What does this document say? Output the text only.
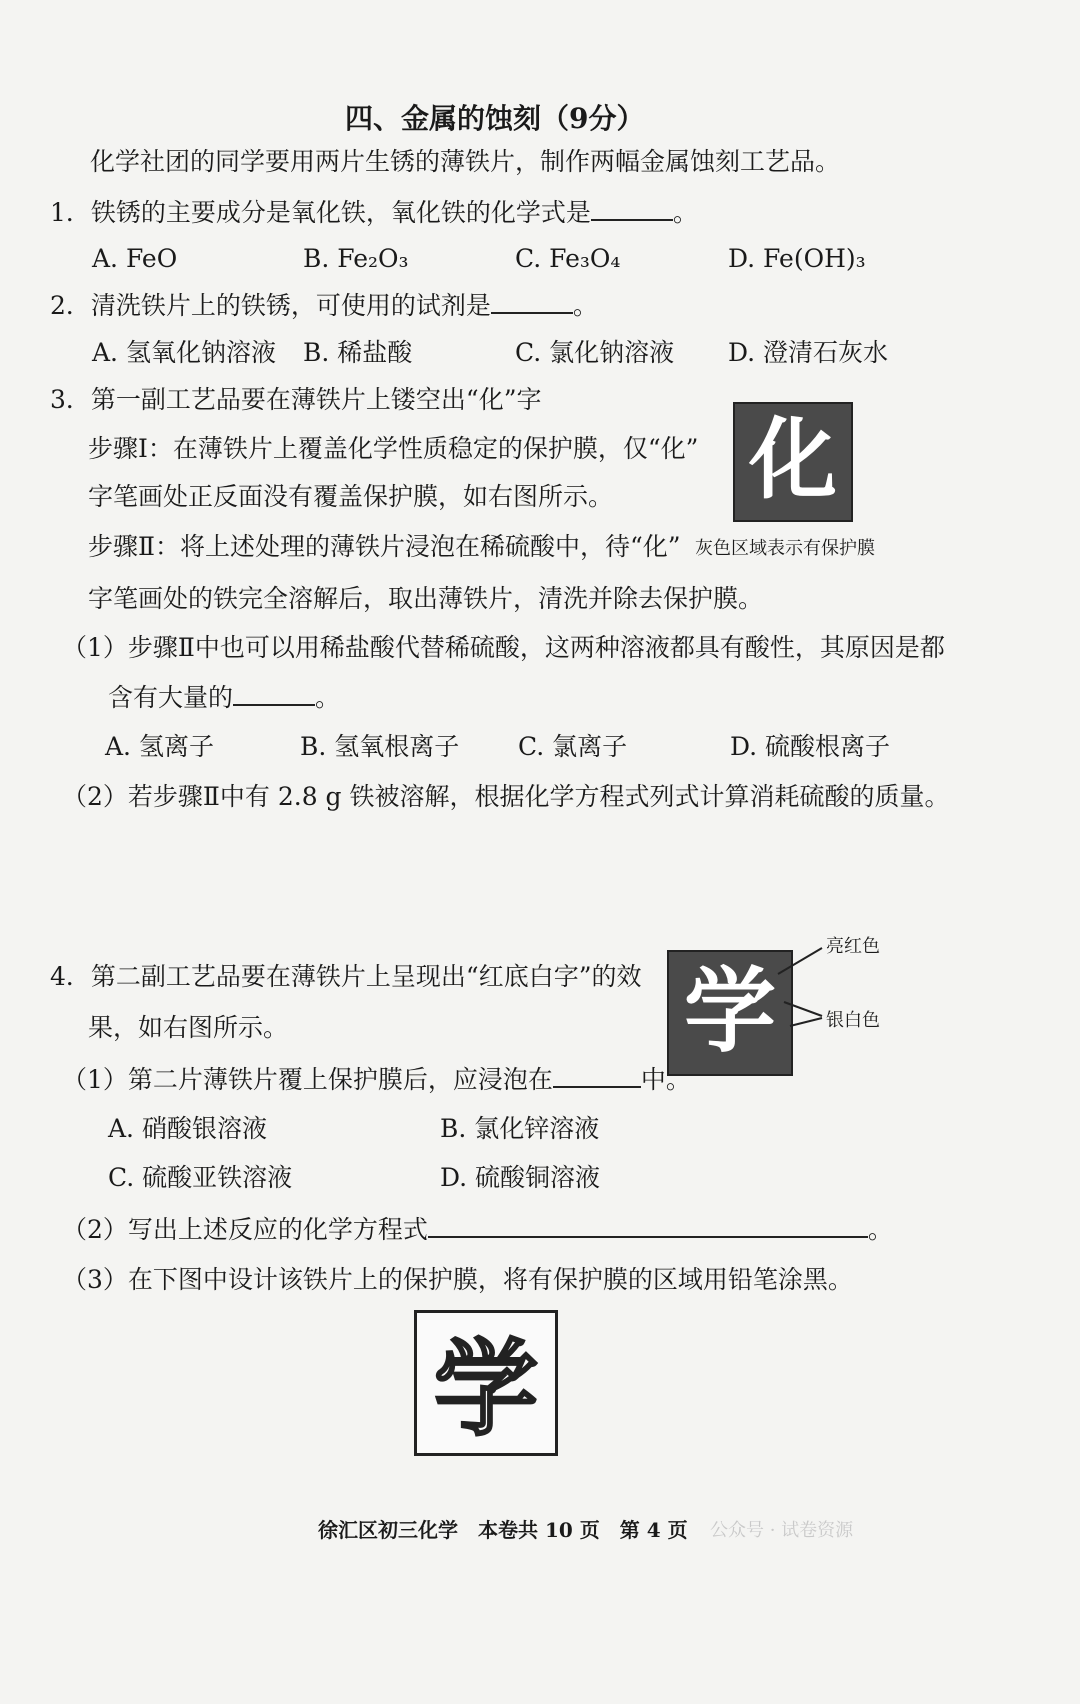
四、金属的蚀刻（9分）
化学社团的同学要用两片生锈的薄铁片，制作两幅金属蚀刻工艺品。
1．铁锈的主要成分是氧化铁，氧化铁的化学式是	。
A. FeO	B. Fe₂O₃	C. Fe₃O₄	D. Fe(OH)₃
2．清洗铁片上的铁锈，可使用的试剂是	。
A. 氢氧化钠溶液 B. 稀盐酸	C. 氯化钠溶液 D. 澄清石灰水
3．第一副工艺品要在薄铁片上镂空出“化”字
步骤Ⅰ：在薄铁片上覆盖化学性质稳定的保护膜，仅“化”
字笔画处正反面没有覆盖保护膜，如右图所示。
步骤Ⅱ：将上述处理的薄铁片浸泡在稀硫酸中，待“化”
字笔画处的铁完全溶解后，取出薄铁片，清洗并除去保护膜。
化
灰色区域表示有保护膜
（1）步骤Ⅱ中也可以用稀盐酸代替稀硫酸，这两种溶液都具有酸性，其原因是都
含有大量的	。
A. 氢离子	B. 氢氧根离子 C. 氯离子	D. 硫酸根离子
（2）若步骤Ⅱ中有 2.8 g 铁被溶解，根据化学方程式列式计算消耗硫酸的质量。
4．第二副工艺品要在薄铁片上呈现出“红底白字”的效
果，如右图所示。	学
亮红色
银白色
（1）第二片薄铁片覆上保护膜后，应浸泡在	中。
A. 硝酸银溶液	B. 氯化锌溶液
C. 硫酸亚铁溶液	D. 硫酸铜溶液
（2）写出上述反应的化学方程式	。
（3）在下图中设计该铁片上的保护膜，将有保护膜的区域用铅笔涂黑。
学
徐汇区初三化学　本卷共 10 页　第 4 页 公众号 · 试卷资源
